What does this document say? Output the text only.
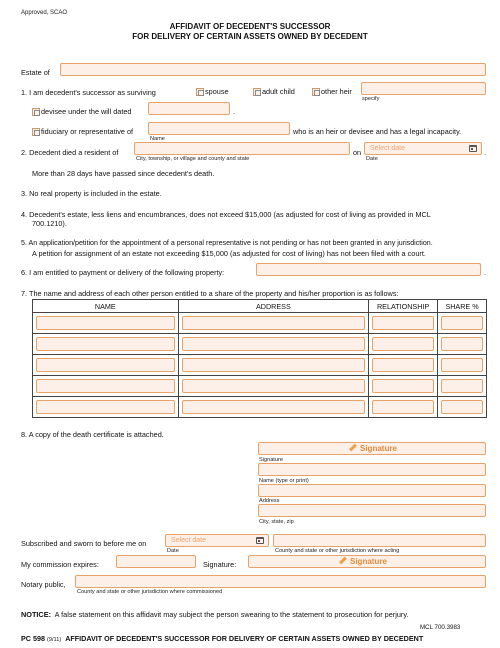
Approved, SCAO
AFFIDAVIT OF DECEDENT'S SUCCESSOR
FOR DELIVERY OF CERTAIN ASSETS OWNED BY DECEDENT
Estate of
1. I am decedent's successor as surviving	spouse	adult child	other heir
specify
devisee under the will dated	.
fiduciary or representative of
Name
who is an heir or devisee and has a legal incapacity.
2. Decedent died a resident of
City, township, or village and county and state
on Select date	.
Date
More than 28 days have passed since decedent's death.
3. No real property is included in the estate.
4. Decedent's estate, less liens and encumbrances, does not exceed $15,000 (as adjusted for cost of living as provided in MCL
700.1210).
5. An application/petition for the appointment of a personal representative is not pending or has not been granted in any jurisdiction.
A petition for assignment of an estate not exceeding $15,000 (as adjusted for cost of living) has not been filed with a court.
6. I am entitled to payment or delivery of the following property:	.
7. The name and address of each other person entitled to a share of the property and his/her proportion is as follows:
NAME	ADDRESS	RELATIONSHIP	SHARE %

8. A copy of the death certificate is attached.
Signature
Signature
Name (type or print)
Address
City, state, zip
Subscribed and sworn to before me on	Select date
Date	County and state or other jurisdiction where acting
My commission expires:	Signature:	Signature
Notary public,
County and state or other jurisdiction where commissioned
NOTICE: A false statement on this affidavit may subject the person swearing to the statement to prosecution for perjury.
MCL 700.3983
PC 598 (9/11) AFFIDAVIT OF DECEDENT'S SUCCESSOR FOR DELIVERY OF CERTAIN ASSETS OWNED BY DECEDENT
